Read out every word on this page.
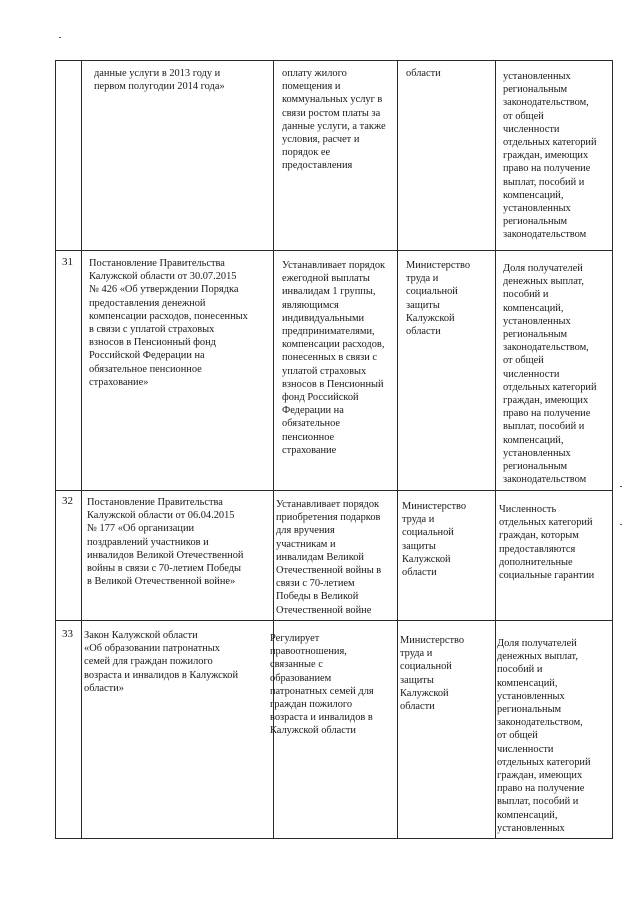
данные услуги в 2013 году и
первом полугодии 2014 года»
оплату жилого
помещения и
коммунальных услуг в
связи ростом платы за
данные услуги, а также
условия, расчет и
порядок ее
предоставления
области	установленных
региональным
законодательством,
от общей
численности
отдельных категорий
граждан, имеющих
право на получение
выплат, пособий и
компенсаций,
установленных
региональным
законодательством
31 Постановление Правительства
Калужской области от 30.07.2015
№ 426 «Об утверждении Порядка
предоставления денежной
компенсации расходов, понесенных
в связи с уплатой страховых
взносов в Пенсионный фонд
Российской Федерации на
обязательное пенсионное
страхование»
Устанавливает порядок
ежегодной выплаты
инвалидам 1 группы,
являющимся
индивидуальными
предпринимателями,
компенсации расходов,
понесенных в связи с
уплатой страховых
взносов в Пенсионный
фонд Российской
Федерации на
обязательное
пенсионное
страхование
Министерство
труда и
социальной
защиты
Калужской
области
Доля получателей
денежных выплат,
пособий и
компенсаций,
установленных
региональным
законодательством,
от общей
численности
отдельных категорий
граждан, имеющих
право на получение
выплат, пособий и
компенсаций,
установленных
региональным
законодательством
32 Постановление Правительства
Калужской области от 06.04.2015
№ 177 «Об организации
поздравлений участников и
инвалидов Великой Отечественной
войны в связи с 70-летием Победы
в Великой Отечественной войне»
Устанавливает порядок
приобретения подарков
для вручения
участникам и
инвалидам Великой
Отечественной войны в
связи с 70-летием
Победы в Великой
Отечественной войне
Министерство
труда и
социальной
защиты
Калужской
области
Численность
отдельных категорий
граждан, которым
предоставляются
дополнительные
социальные гарантии
33 Закон Калужской области
«Об образовании патронатных
семей для граждан пожилого
возраста и инвалидов в Калужской
области»
Регулирует
правоотношения,
связанные с
образованием
патронатных семей для
граждан пожилого
возраста и инвалидов в
Калужской области
Министерство
труда и
социальной
защиты
Калужской
области
Доля получателей
денежных выплат,
пособий и
компенсаций,
установленных
региональным
законодательством,
от общей
численности
отдельных категорий
граждан, имеющих
право на получение
выплат, пособий и
компенсаций,
установленных
